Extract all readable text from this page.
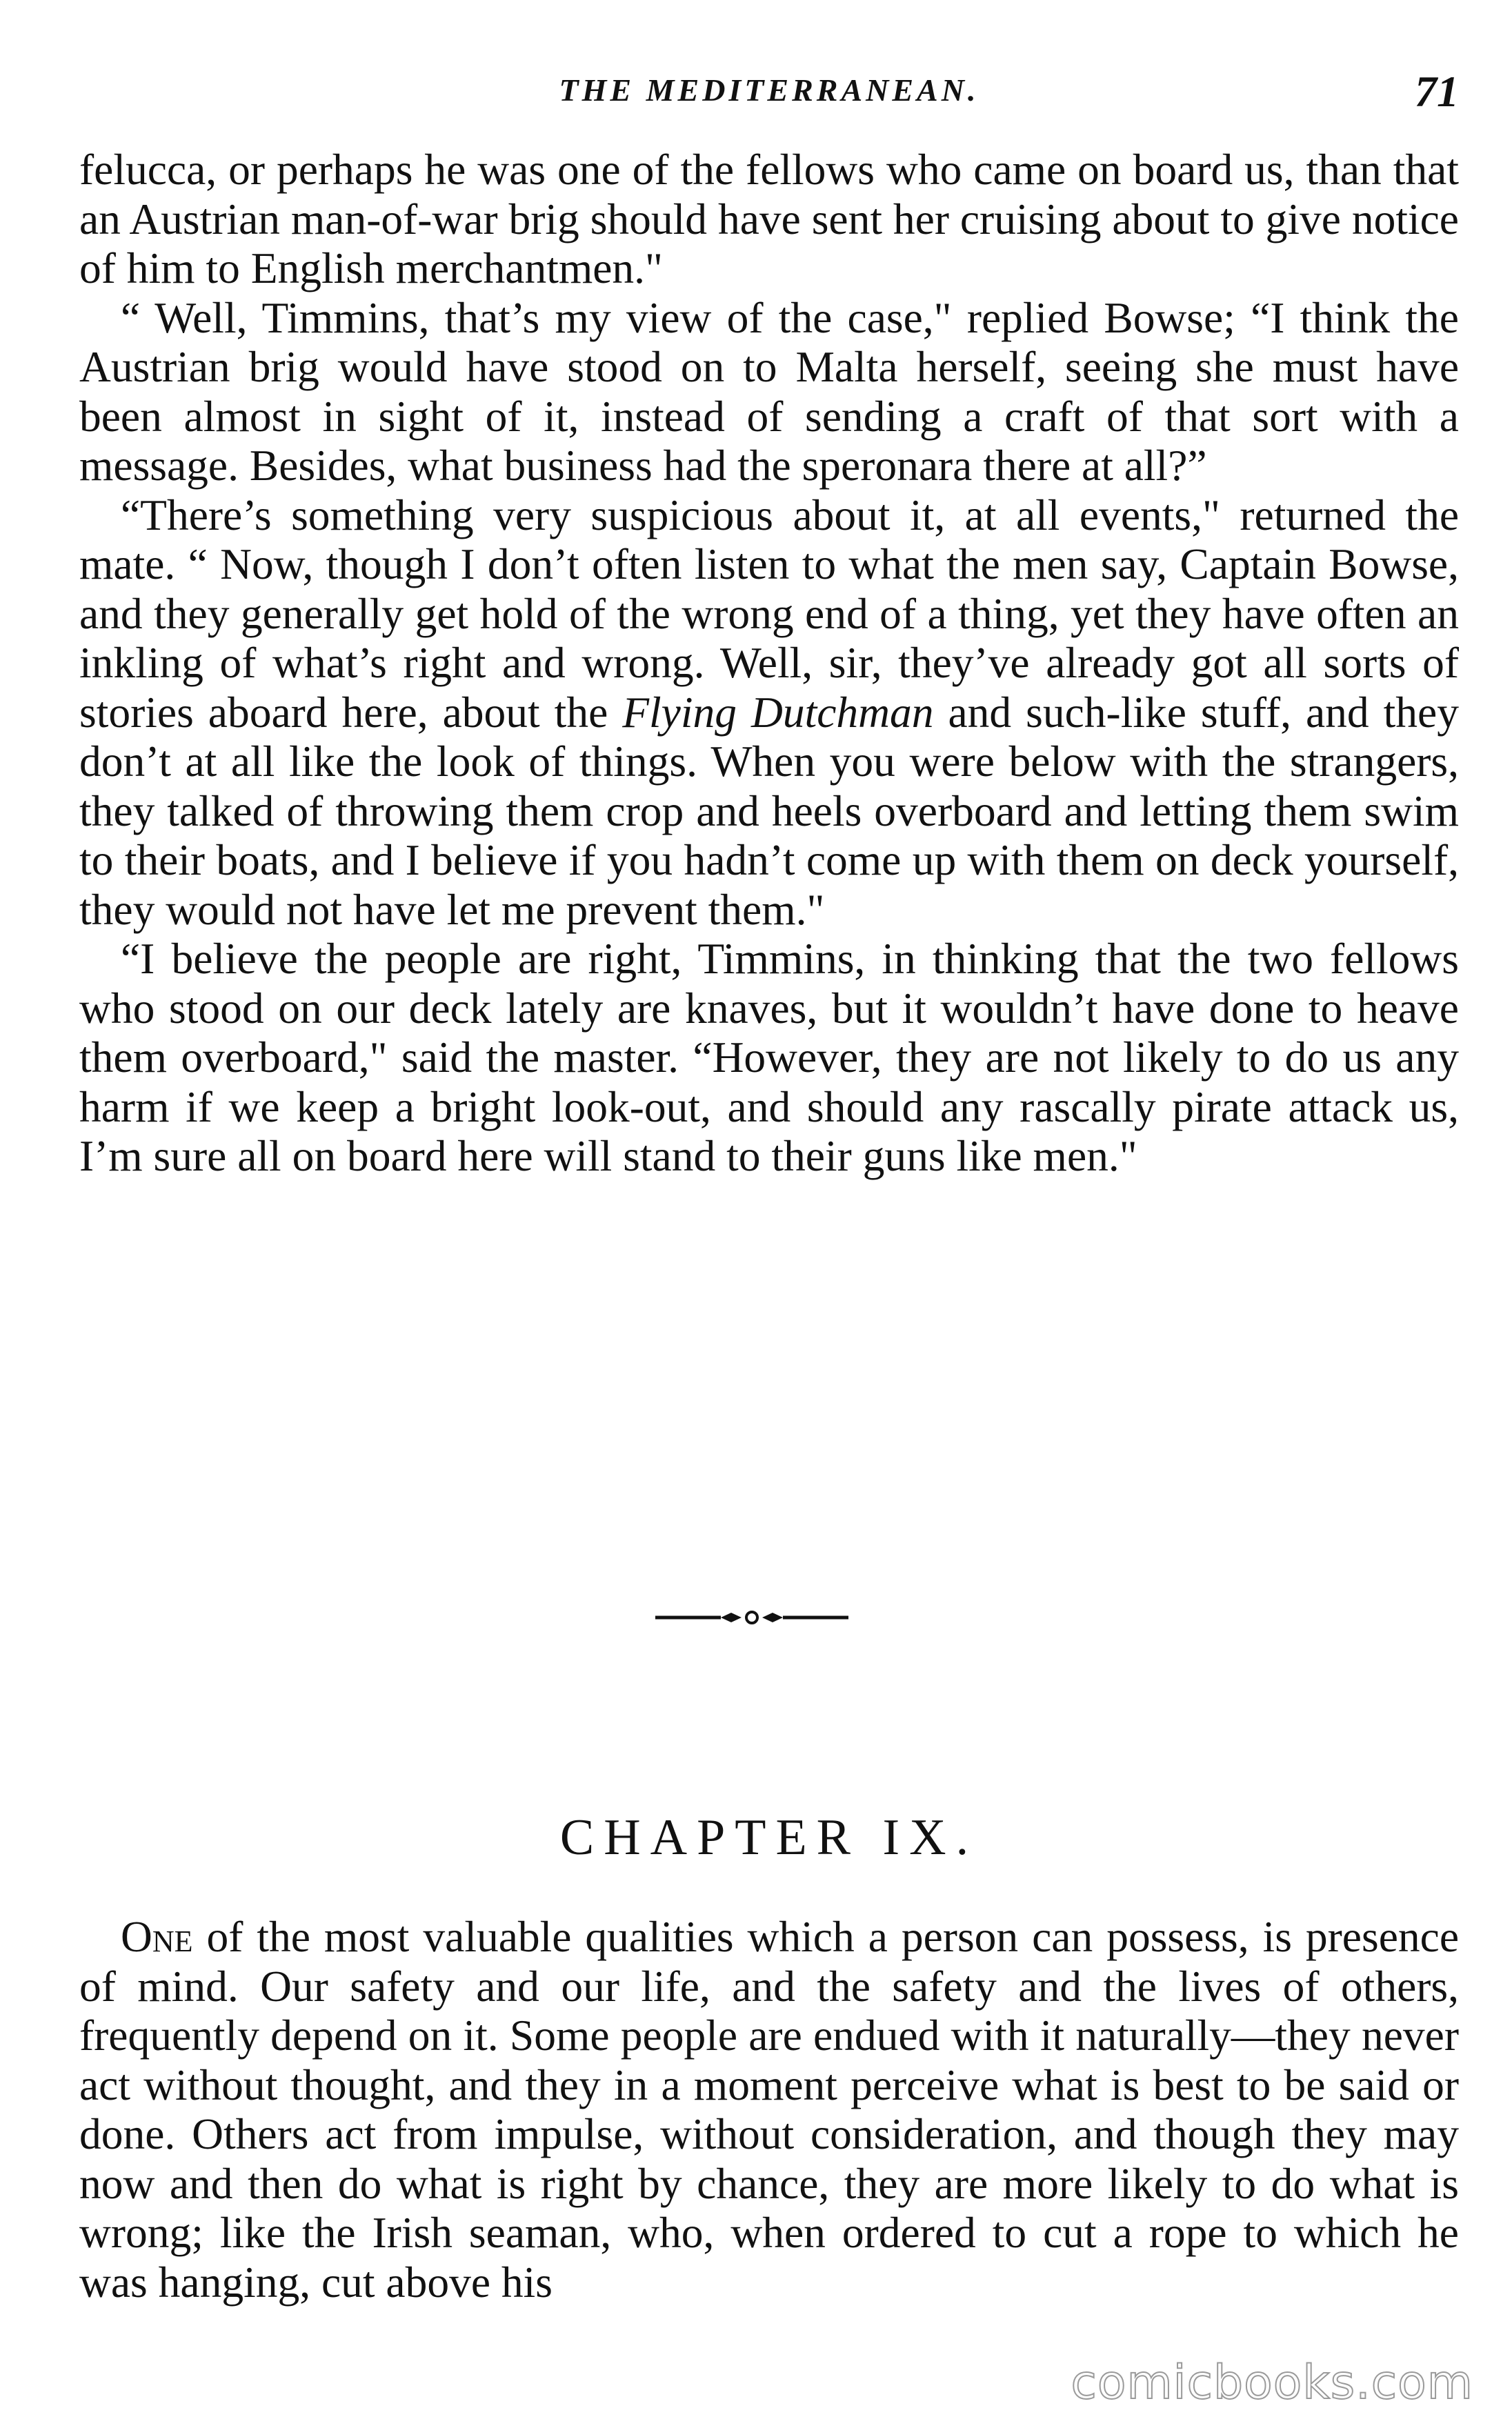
THE MEDITERRANEAN.	71

felucca, or perhaps he was one of the fellows who came on board us, than that an Austrian man-of-war brig should have sent her cruising about to give notice of him to English merchantmen."

“ Well, Timmins, that’s my view of the case," replied Bowse; “I think the Austrian brig would have stood on to Malta herself, seeing she must have been almost in sight of it, instead of sending a craft of that sort with a message. Besides, what business had the speronara there at all?”

“There’s something very suspicious about it, at all events," returned the mate. “ Now, though I don’t often listen to what the men say, Captain Bowse, and they generally get hold of the wrong end of a thing, yet they have often an inkling of what’s right and wrong. Well, sir, they’ve already got all sorts of stories aboard here, about the Flying Dutchman and such-like stuff, and they don’t at all like the look of things. When you were below with the strangers, they talked of throwing them crop and heels overboard and letting them swim to their boats, and I believe if you hadn’t come up with them on deck yourself, they would not have let me prevent them."

“I believe the people are right, Timmins, in thinking that the two fellows who stood on our deck lately are knaves, but it wouldn’t have done to heave them overboard," said the master. “However, they are not likely to do us any harm if we keep a bright look-out, and should any rascally pirate attack us, I’m sure all on board here will stand to their guns like men."

CHAPTER IX.

One of the most valuable qualities which a person can possess, is presence of mind. Our safety and our life, and the safety and the lives of others, frequently depend on it. Some people are endued with it naturally—they never act without thought, and they in a moment perceive what is best to be said or done. Others act from impulse, without consideration, and though they may now and then do what is right by chance, they are more likely to do what is wrong; like the Irish seaman, who, when ordered to cut a rope to which he was hanging, cut above his

comicbooks.com
